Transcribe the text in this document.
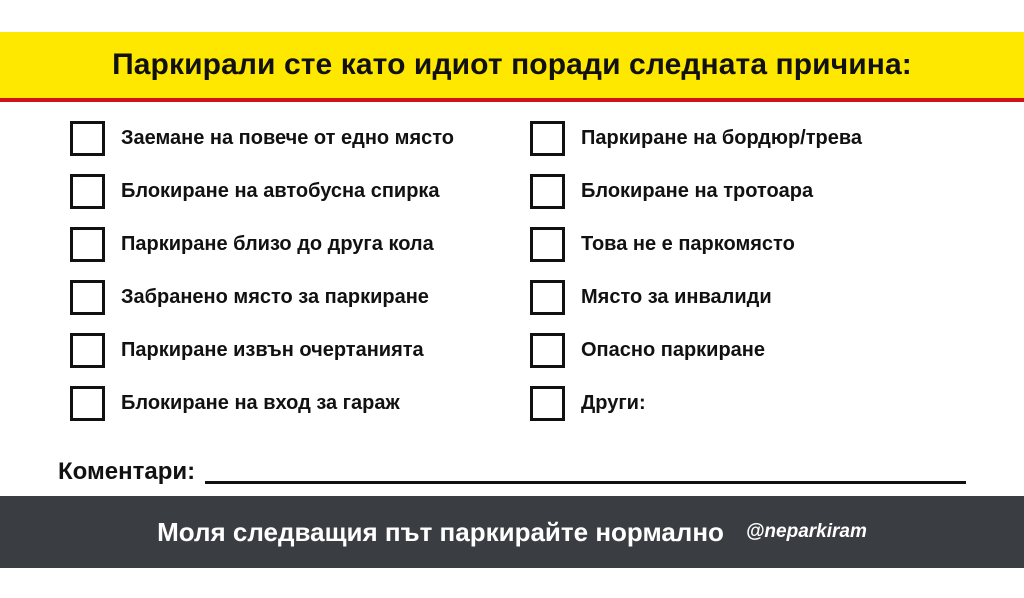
Паркирали сте като идиот поради следната причина:
Заемане на повече от едно място
Блокиране на автобусна спирка
Паркиране близо до друга кола
Забранено място за паркиране
Паркиране извън очертанията
Блокиране на вход за гараж
Паркиране на бордюр/трева
Блокиране на тротоара
Това не е паркомясто
Място за инвалиди
Опасно паркиране
Други:
Коментари:
Моля следващия път паркирайте нормално @neparkiram
